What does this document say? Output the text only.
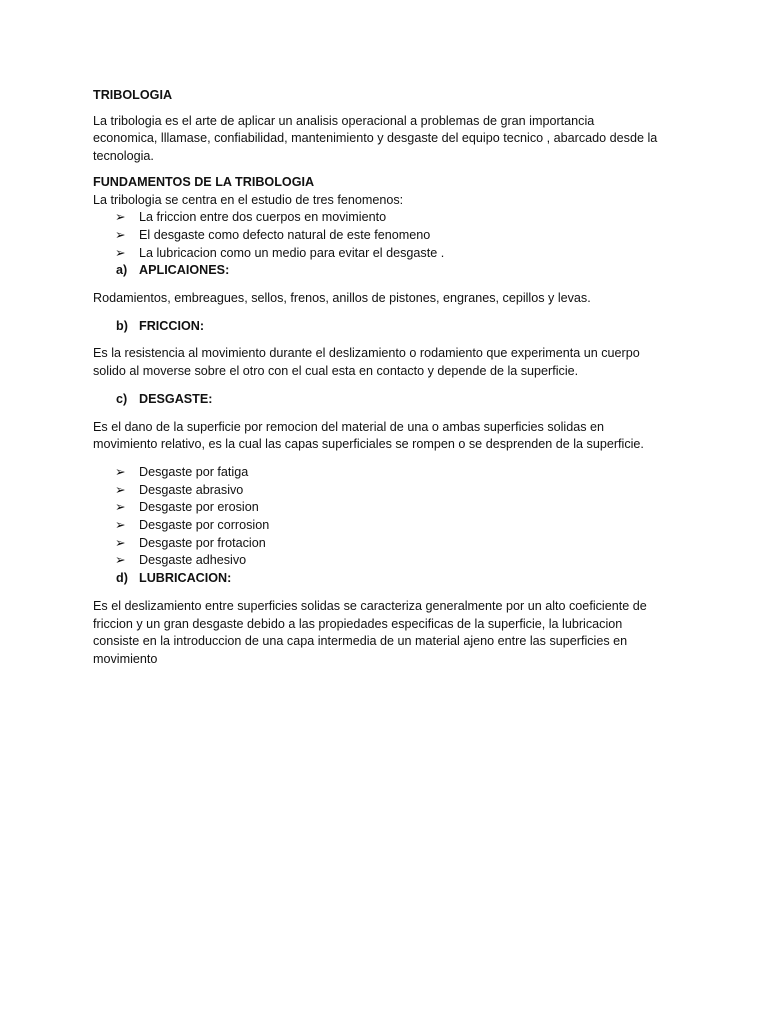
TRIBOLOGIA
La tribologia es el arte de aplicar un analisis operacional a problemas de gran importancia
economica, lllamase, confiabilidad, mantenimiento y desgaste del equipo tecnico , abarcado desde la
tecnologia.
FUNDAMENTOS DE LA TRIBOLOGIA
La tribologia se centra en el estudio de tres fenomenos:
➢	La friccion entre dos cuerpos en movimiento
➢	El desgaste como defecto natural de este fenomeno
➢	La lubricacion como un medio para evitar el desgaste .
a) APLICAIONES:
Rodamientos, embreagues, sellos, frenos, anillos de pistones, engranes, cepillos y levas.
b) FRICCION:
Es la resistencia al movimiento durante el deslizamiento o rodamiento que experimenta un cuerpo
solido al moverse sobre el otro con el cual esta en contacto y depende de la superficie.
c) DESGASTE:
Es el dano de la superficie por remocion del material de una o ambas superficies solidas en
movimiento relativo, es la cual las capas superficiales se rompen o se desprenden de la superficie.
➢	Desgaste por fatiga
➢	Desgaste abrasivo
➢	Desgaste por erosion
➢	Desgaste por corrosion
➢	Desgaste por frotacion
➢	Desgaste adhesivo
d) LUBRICACION:
Es el deslizamiento entre superficies solidas se caracteriza generalmente por un alto coeficiente de
friccion y un gran desgaste debido a las propiedades especificas de la superficie, la lubricacion
consiste en la introduccion de una capa intermedia de un material ajeno entre las superficies en
movimiento
